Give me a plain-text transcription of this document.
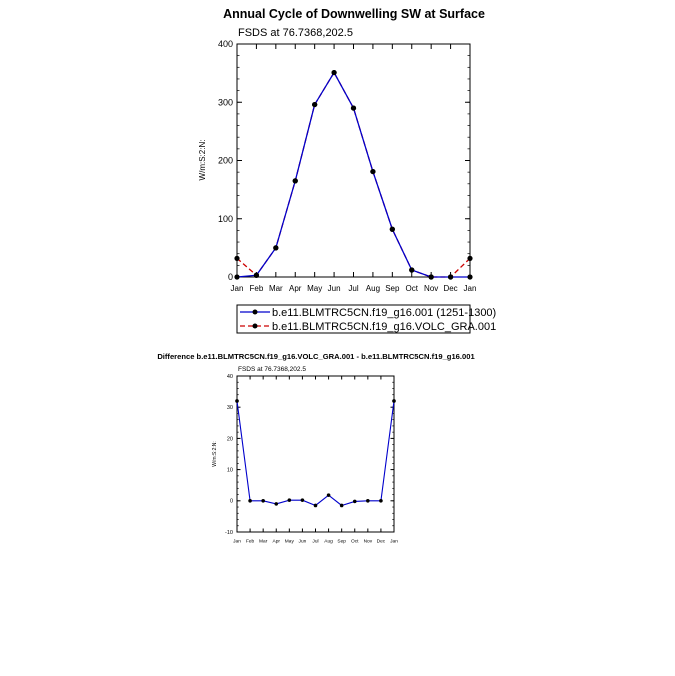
Annual Cycle of Downwelling SW at Surface
FSDS at 76.7368,202.5
W/m:S:2:N:
0
100
200
300
400
Jan Feb Mar Apr May Jun Jul Aug Sep Oct Nov Dec Jan
b.e11.BLMTRC5CN.f19_g16.001 (1251-1300)
b.e11.BLMTRC5CN.f19_g16.VOLC_GRA.001
Difference b.e11.BLMTRC5CN.f19_g16.VOLC_GRA.001 - b.e11.BLMTRC5CN.f19_g16.001
FSDS at 76.7368,202.5
W/m:S:2:N:
-10
0
10
20
30
40
Jan Feb Mar Apr May Jun Jul Aug Sep Oct Nov Dec Jan
